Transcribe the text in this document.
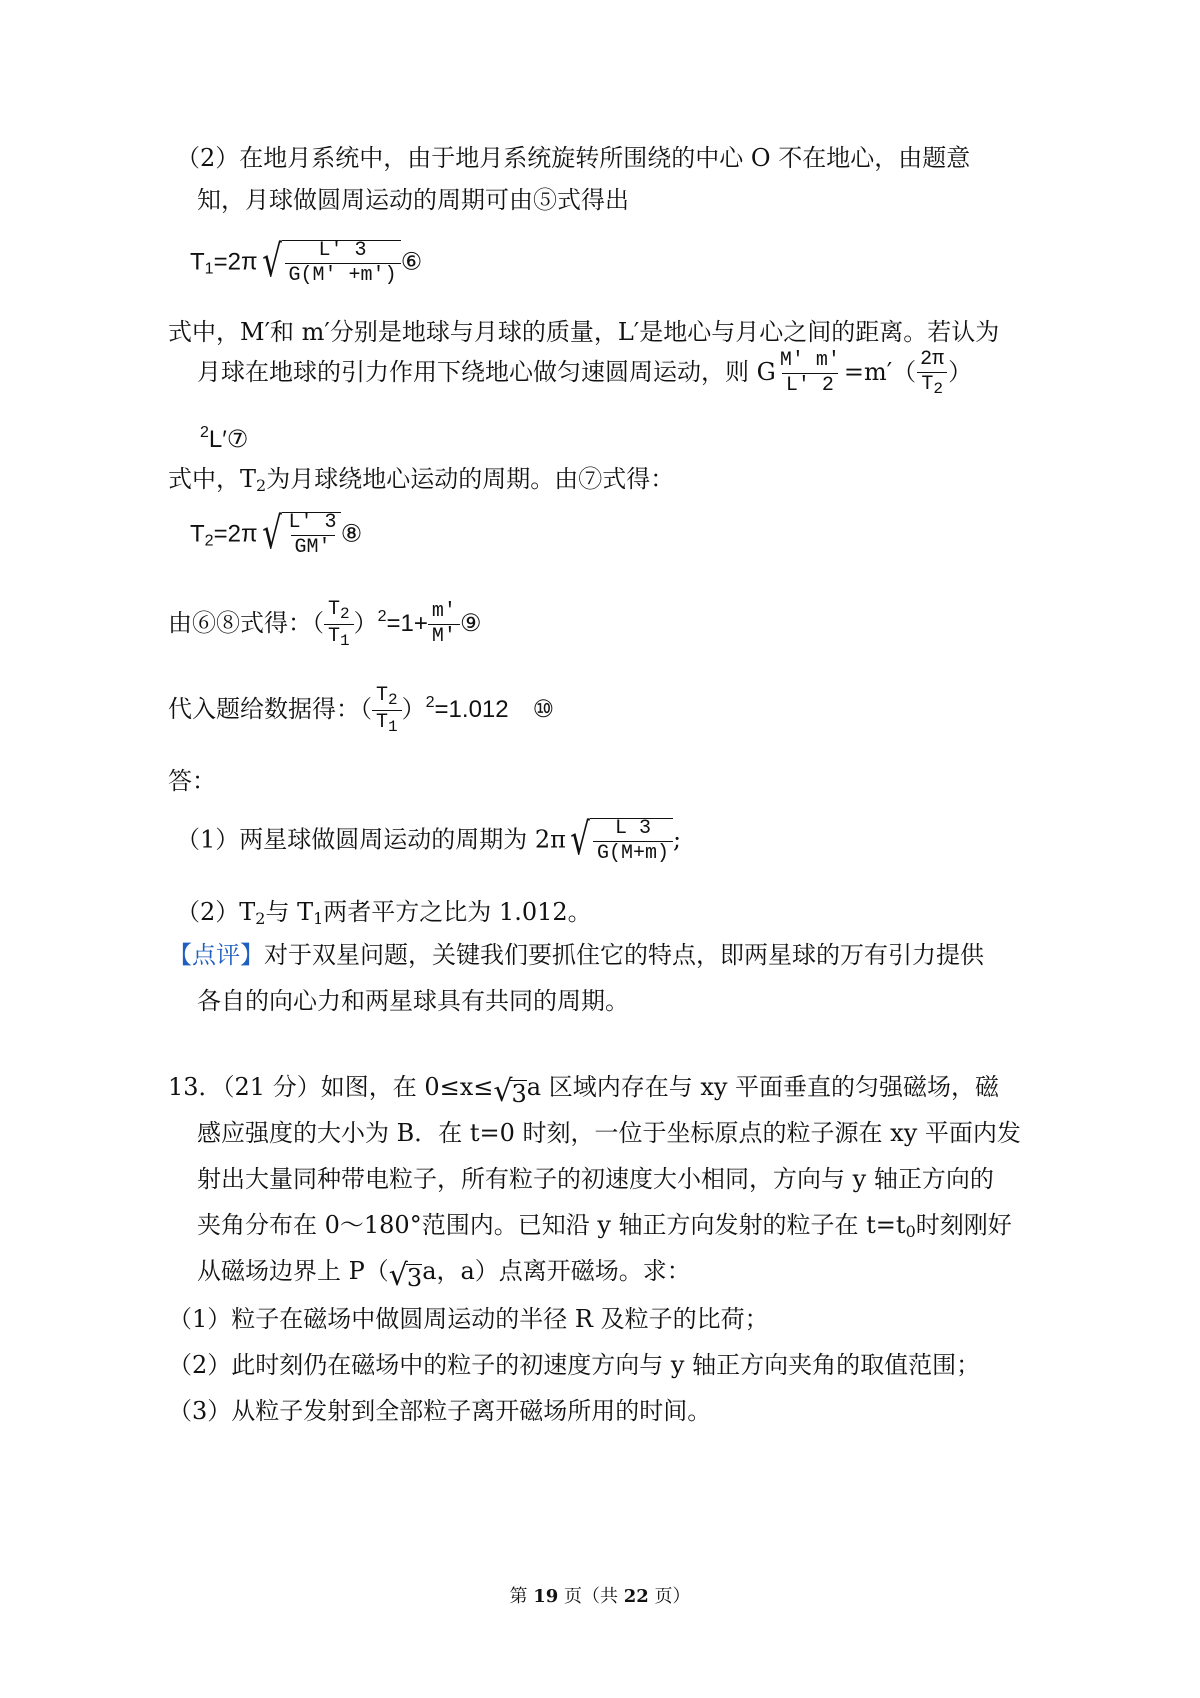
（2）在地月系统中，由于地月系统旋转所围绕的中心 O 不在地心，由题意
知，月球做圆周运动的周期可由⑤式得出
$T_1=2\pi$ √ $\frac{L' 3}{G(M' +m')}$ ⑥
式中，M′和 m′分别是地球与月球的质量，L′是地心与月心之间的距离。若认为
月球在地球的引力作用下绕地心做匀速圆周运动，则 G $\frac{M' m'}{L' 2} =m'( \frac{2\pi}{T_2}$ ）
$^2$L′⑦
式中，$T_2$为月球绕地心运动的周期。由⑦式得：
$T_2=2\pi$ √ $\frac{L' 3}{GM'}$ ⑧
由⑥⑧式得：（ $\frac{T_2}{T_1} )^2=1+ \frac{m'}{M'}$ ⑨
代入题给数据得：（ $\frac{T_2}{T_1} )^2=1.012$ ⑩
答：
（1）两星球做圆周运动的周期为 2π √ $\frac{L 3}{G(M+m)}$ ;
$(2)T_2$与 $T_1$两者平方之比为 1.012。
【点评】对于双星问题，关键我们要抓住它的特点，即两星球的万有引力提供
各自的向心力和两星球具有共同的周期。
13．（21 分）如图，在 0≤x≤ √ 3 a 区域内存在与 xy 平面垂直的匀强磁场，磁
感应强度的大小为 B．在 t=0 时刻，一位于坐标原点的粒子源在 xy 平面内发
射出大量同种带电粒子，所有粒子的初速度大小相同，方向与 y 轴正方向的
夹角分布在 0～180°范围内。已知沿 y 轴正方向发射的粒子在 $t=t_0$时刻刚好
从磁场边界上 P（ √ 3 a，a）点离开磁场。求：
（1）粒子在磁场中做圆周运动的半径 R 及粒子的比荷；
（2）此时刻仍在磁场中的粒子的初速度方向与 y 轴正方向夹角的取值范围；
（3）从粒子发射到全部粒子离开磁场所用的时间。
第 19 页（共 22 页）
